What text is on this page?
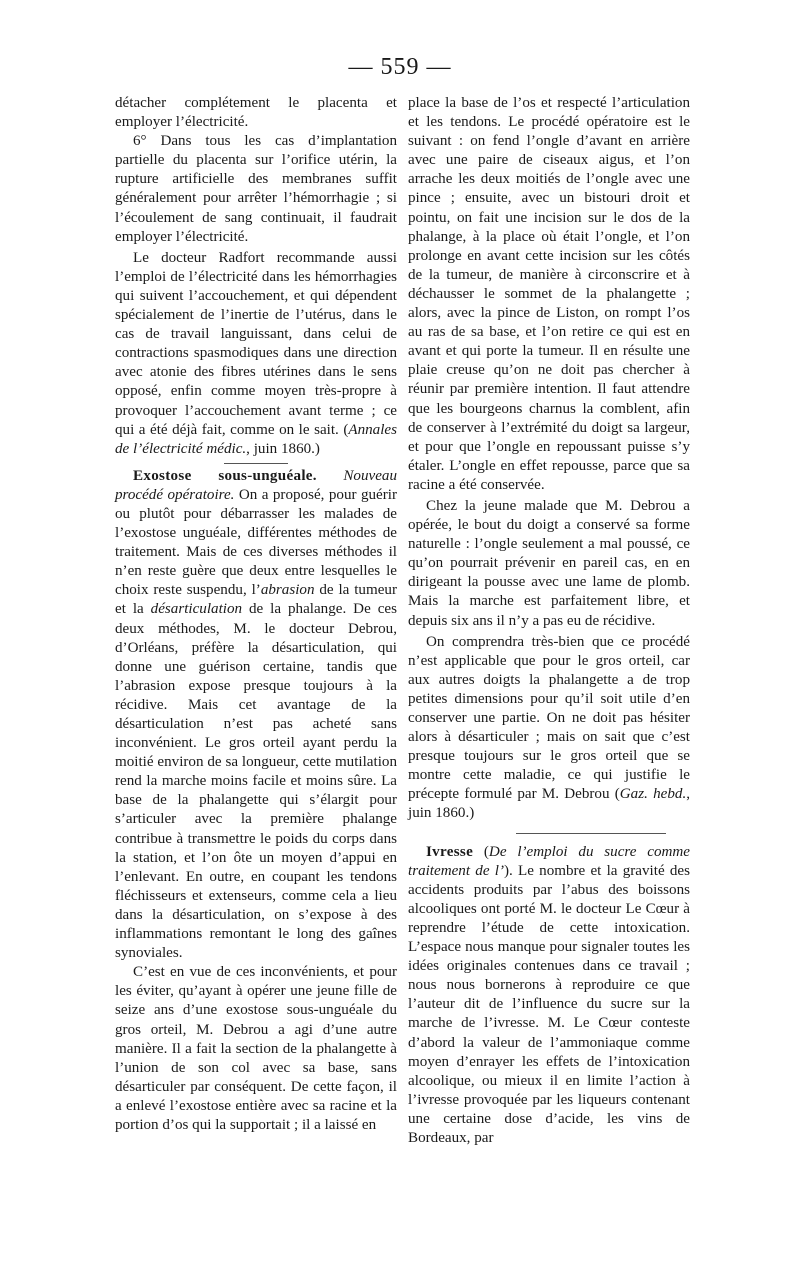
— 559 —

détacher complétement le placenta et employer l’électricité.

6° Dans tous les cas d’implantation partielle du placenta sur l’orifice utérin, la rupture artificielle des membranes suffit généralement pour arrêter l’hémorrhagie ; si l’écoulement de sang continuait, il faudrait employer l’électricité.

Le docteur Radfort recommande aussi l’emploi de l’électricité dans les hémorrhagies qui suivent l’accouchement, et qui dépendent spécialement de l’inertie de l’utérus, dans le cas de travail languissant, dans celui de contractions spasmodiques dans une direction avec atonie des fibres utérines dans le sens opposé, enfin comme moyen très-propre à provoquer l’accouchement avant terme ; ce qui a été déjà fait, comme on le sait. (Annales de l’électricité médic., juin 1860.)

Exostose sous-unguéale. Nouveau procédé opératoire. On a proposé, pour guérir ou plutôt pour débarrasser les malades de l’exostose unguéale, différentes méthodes de traitement. Mais de ces diverses méthodes il n’en reste guère que deux entre lesquelles le choix reste suspendu, l’abrasion de la tumeur et la désarticulation de la phalange. De ces deux méthodes, M. le docteur Debrou, d’Orléans, préfère la désarticulation, qui donne une guérison certaine, tandis que l’abrasion expose presque toujours à la récidive. Mais cet avantage de la désarticulation n’est pas acheté sans inconvénient. Le gros orteil ayant perdu la moitié environ de sa longueur, cette mutilation rend la marche moins facile et moins sûre. La base de la phalangette qui s’élargit pour s’articuler avec la première phalange contribue à transmettre le poids du corps dans la station, et l’on ôte un moyen d’appui en l’enlevant. En outre, en coupant les tendons fléchisseurs et extenseurs, comme cela a lieu dans la désarticulation, on s’expose à des inflammations remontant le long des gaînes synoviales.

C’est en vue de ces inconvénients, et pour les éviter, qu’ayant à opérer une jeune fille de seize ans d’une exostose sous-unguéale du gros orteil, M. Debrou a agi d’une autre manière. Il a fait la section de la phalangette à l’union de son col avec sa base, sans désarticuler par conséquent. De cette façon, il a enlevé l’exostose entière avec sa racine et la portion d’os qui la supportait ; il a laissé en

place la base de l’os et respecté l’articulation et les tendons. Le procédé opératoire est le suivant : on fend l’ongle d’avant en arrière avec une paire de ciseaux aigus, et l’on arrache les deux moitiés de l’ongle avec une pince ; ensuite, avec un bistouri droit et pointu, on fait une incision sur le dos de la phalange, à la place où était l’ongle, et l’on prolonge en avant cette incision sur les côtés de la tumeur, de manière à circonscrire et à déchausser le sommet de la phalangette ; alors, avec la pince de Liston, on rompt l’os au ras de sa base, et l’on retire ce qui est en avant et qui porte la tumeur. Il en résulte une plaie creuse qu’on ne doit pas chercher à réunir par première intention. Il faut attendre que les bourgeons charnus la comblent, afin de conserver à l’extrémité du doigt sa largeur, et pour que l’ongle en repoussant puisse s’y étaler. L’ongle en effet repousse, parce que sa racine a été conservée.

Chez la jeune malade que M. Debrou a opérée, le bout du doigt a conservé sa forme naturelle : l’ongle seulement a mal poussé, ce qu’on pourrait prévenir en pareil cas, en en dirigeant la pousse avec une lame de plomb. Mais la marche est parfaitement libre, et depuis six ans il n’y a pas eu de récidive.

On comprendra très-bien que ce procédé n’est applicable que pour le gros orteil, car aux autres doigts la phalangette a de trop petites dimensions pour qu’il soit utile d’en conserver une partie. On ne doit pas hésiter alors à désarticuler ; mais on sait que c’est presque toujours sur le gros orteil que se montre cette maladie, ce qui justifie le précepte formulé par M. Debrou (Gaz. hebd., juin 1860.)

Ivresse (De l’emploi du sucre comme traitement de l’). Le nombre et la gravité des accidents produits par l’abus des boissons alcooliques ont porté M. le docteur Le Cœur à reprendre l’étude de cette intoxication. L’espace nous manque pour signaler toutes les idées originales contenues dans ce travail ; nous nous bornerons à reproduire ce que l’auteur dit de l’influence du sucre sur la marche de l’ivresse. M. Le Cœur conteste d’abord la valeur de l’ammoniaque comme moyen d’enrayer les effets de l’intoxication alcoolique, ou mieux il en limite l’action à l’ivresse provoquée par les liqueurs contenant une certaine dose d’acide, les vins de Bordeaux, par
